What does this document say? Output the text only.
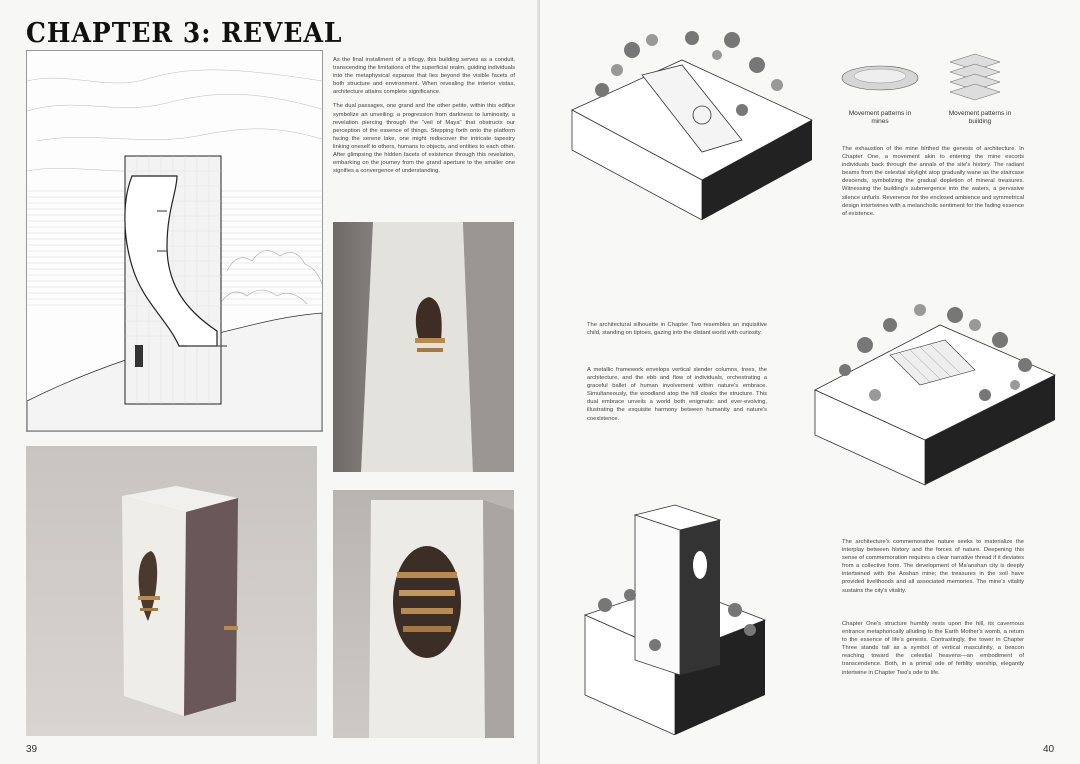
CHAPTER 3: REVEAL

As the final installment of a trilogy, this building serves as a conduit, transcending the limitations of the superficial realm, guiding individuals into the metaphysical expanse that lies beyond the visible facets of both structure and environment. When revealing the interior vistas, architecture attains complete significance.

The dual passages, one grand and the other petite, within this edifice symbolize an unveiling: a progression from darkness to luminosity, a revelation piercing through the "veil of Maya" that obstructs our perception of the essence of things. Stepping forth onto the platform facing the serene lake, one might rediscover the intricate tapestry linking oneself to others, humans to objects, and entities to each other. After glimpsing the hidden facets of existence through this revelation, embarking on the journey from the grand aperture to the smaller one signifies a convergence of understanding.

39
Movement patterns in mines
Movement patterns in building
The exhaustion of the mine birthed the genesis of architecture. In Chapter One, a movement akin to entering the mine escorts individuals back through the annals of the site's history. The radiant beams from the celestial skylight atop gradually wane as the staircase descends, symbolizing the gradual depletion of mineral treasures. Witnessing the building's submergence into the waters, a pervasive silence unfurls. Reverence for the enclosed ambience and symmetrical design intertwines with a melancholic sentiment for the fading essence of existence.
The architectural silhouette in Chapter Two resembles an inquisitive child, standing on tiptoes, gazing into the distant world with curiosity.
A metallic framework envelops vertical slender columns, trees, the architecture, and the ebb and flow of individuals, orchestrating a graceful ballet of human involvement within nature's embrace. Simultaneously, the woodland atop the hill cloaks the structure. This dual embrace unveils a world both enigmatic and ever-evolving, illustrating the exquisite harmony between humanity and nature's coexistence.
The architecture's commemorative nature seeks to materialize the interplay between history and the forces of nature. Deepening this sense of commemoration requires a clear narrative thread if it deviates from a collective form. The development of Ma'anshan city is deeply intertwined with the Aoshan mine; the treasures in the soil have provided livelihoods and all associated memories. The mine's vitality sustains the city's vitality.
Chapter One's structure humbly rests upon the hill, its cavernous entrance metaphorically alluding to the Earth Mother's womb, a return to the essence of life's genesis. Contrastingly, the tower in Chapter Three stands tall as a symbol of vertical masculinity, a beacon reaching toward the celestial heavens—an embodiment of transcendence. Both, in a primal ode of fertility worship, elegantly intertwine in Chapter Two's ode to life.
40
